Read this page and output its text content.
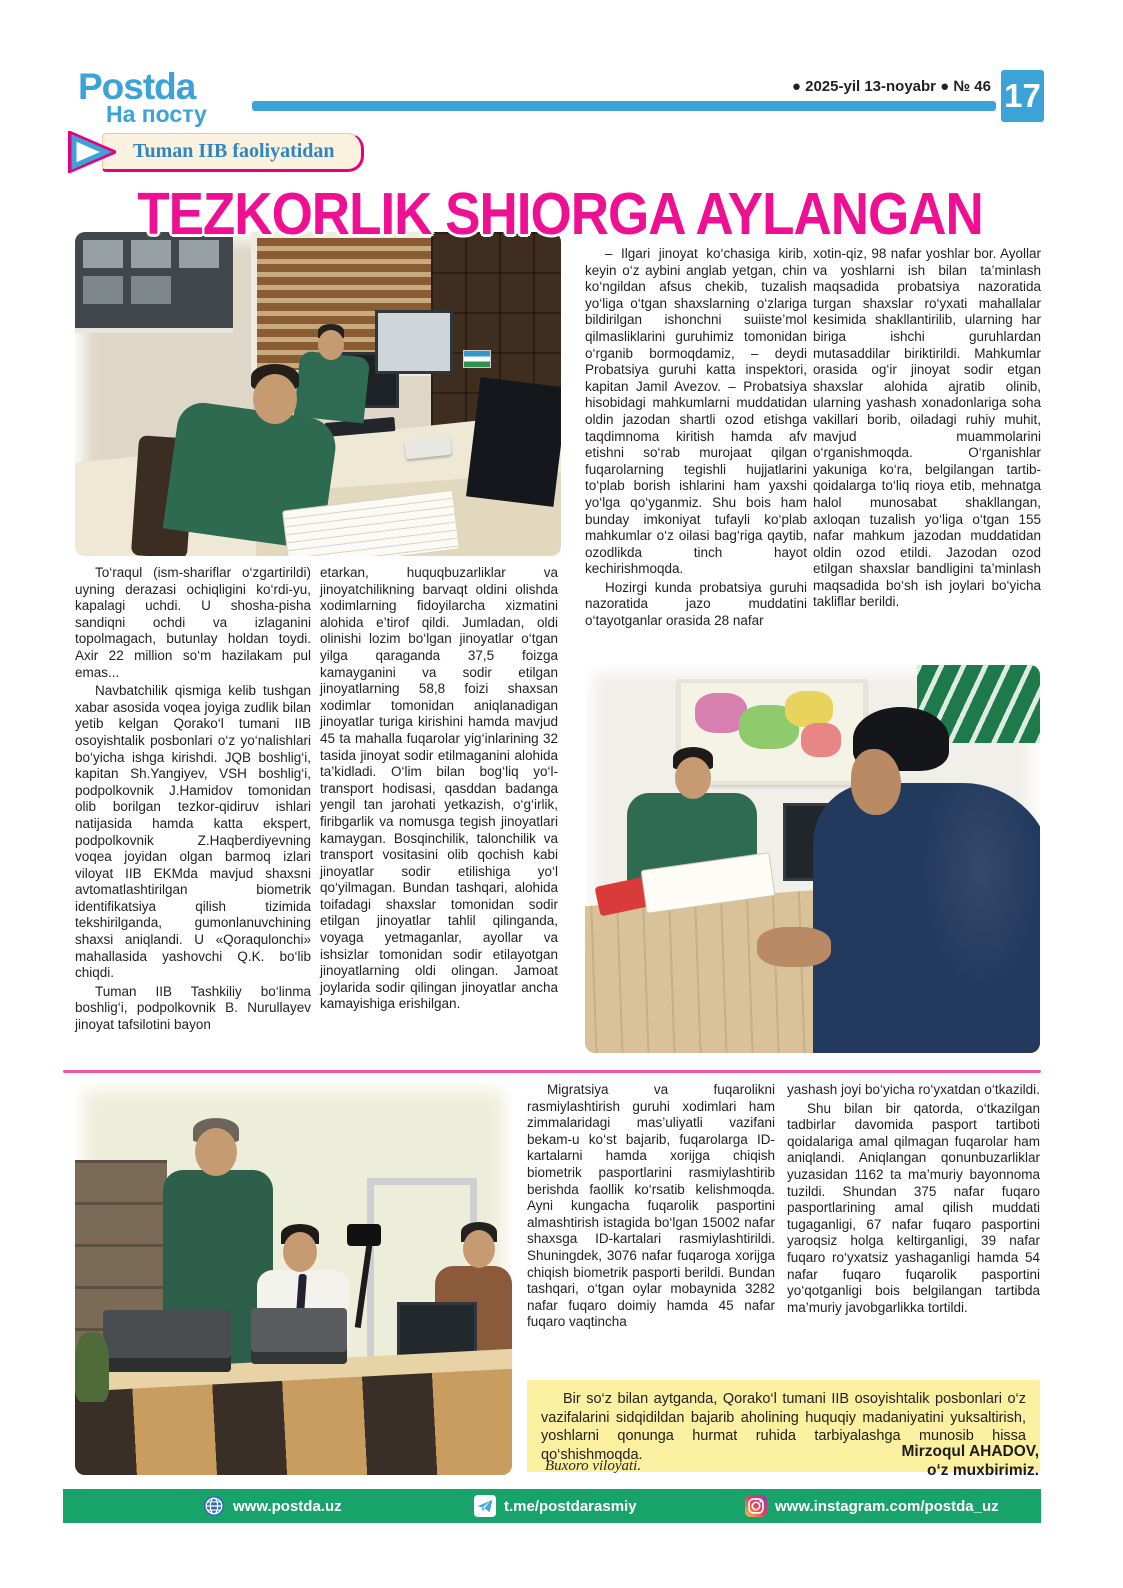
Postda
На посту
● 2025-yil 13-noyabr ● № 46 17
Tuman IIB faoliyatidan
TEZKORLIK SHIORGA AYLANGAN

– Ilgari jinoyat ko‘chasiga kirib, keyin o‘z aybini anglab yetgan, chin ko‘ngildan afsus chekib, tuzalish yo‘liga o‘tgan shaxslarning o‘zlariga bildirilgan ishonchni suiiste’mol qilmasliklarini guruhimiz tomonidan o‘rganib bormoqdamiz, – deydi Probatsiya guruhi katta inspektori, kapitan Jamil Avezov. – Probatsiya hisobidagi mahkumlarni muddatidan oldin jazodan shartli ozod etishga taqdimnoma kiritish hamda afv etishni so‘rab murojaat qilgan fuqarolarning tegishli hujjatlarini to‘plab borish ishlarini ham yaxshi yo‘lga qo‘yganmiz. Shu bois ham bunday imkoniyat tufayli ko‘plab mahkumlar o‘z oilasi bag‘riga qaytib, ozodlikda tinch hayot kechirishmoqda.

Hozirgi kunda probatsiya guruhi nazoratida jazo muddatini o‘tayotganlar orasida 28 nafar

xotin-qiz, 98 nafar yoshlar bor. Ayollar va yoshlarni ish bilan ta’minlash maqsadida probatsiya nazoratida turgan shaxslar ro‘yxati mahallalar kesimida shakllantirilib, ularning har biriga ishchi guruhlardan mutasaddilar biriktirildi. Mahkumlar orasida og‘ir jinoyat sodir etgan shaxslar alohida ajratib olinib, ularning yashash xonadonlariga soha vakillari borib, oiladagi ruhiy muhit, mavjud muammolarini o‘rganishmoqda. O‘rganishlar yakuniga ko‘ra, belgilangan tartib-qoidalarga to‘liq rioya etib, mehnatga halol munosabat shakllangan, axloqan tuzalish yo‘liga o‘tgan 155 nafar mahkum jazodan muddatidan oldin ozod etildi. Jazodan ozod etilgan shaxslar bandligini ta’minlash maqsadida bo‘sh ish joylari bo‘yicha takliflar berildi.

To‘raqul (ism-shariflar o‘zgartirildi) uyning derazasi ochiqligini ko‘rdi-yu, kapalagi uchdi. U shosha-pisha sandiqni ochdi va izlaganini topolmagach, butunlay holdan toydi. Axir 22 million so‘m hazilakam pul emas...

Navbatchilik qismiga kelib tushgan xabar asosida voqea joyiga zudlik bilan yetib kelgan Qorako‘l tumani IIB osoyishtalik posbonlari o‘z yo‘nalishlari bo‘yicha ishga kirishdi. JQB boshlig‘i, kapitan Sh.Yangiyev, VSH boshlig‘i, podpolkovnik J.Hamidov tomonidan olib borilgan tezkor-qidiruv ishlari natijasida hamda katta ekspert, podpolkovnik Z.Haqberdiyevning voqea joyidan olgan barmoq izlari viloyat IIB EKMda mavjud shaxsni avtomatlashtirilgan biometrik identifikatsiya qilish tizimida tekshirilganda, gumonlanuvchining shaxsi aniqlandi. U «Qoraqulonchi» mahallasida yashovchi Q.K. bo‘lib chiqdi.

Tuman IIB Tashkiliy bo‘linma boshlig‘i, podpolkovnik B. Nurullayev jinoyat tafsilotini bayon

etarkan, huquqbuzarliklar va jinoyatchilikning barvaqt oldini olishda xodimlarning fidoyilarcha xizmatini alohida e’tirof qildi. Jumladan, oldi olinishi lozim bo‘lgan jinoyatlar o‘tgan yilga qaraganda 37,5 foizga kamayganini va sodir etilgan jinoyatlarning 58,8 foizi shaxsan xodimlar tomonidan aniqlanadigan jinoyatlar turiga kirishini hamda mavjud 45 ta mahalla fuqarolar yig‘inlarining 32 tasida jinoyat sodir etilmaganini alohida ta’kidladi. O‘lim bilan bog‘liq yo‘l-transport hodisasi, qasddan badanga yengil tan jarohati yetkazish, o‘g‘irlik, firibgarlik va nomusga tegish jinoyatlari kamaygan. Bosqinchilik, talonchilik va transport vositasini olib qochish kabi jinoyatlar sodir etilishiga yo‘l qo‘yilmagan. Bundan tashqari, alohida toifadagi shaxslar tomonidan sodir etilgan jinoyatlar tahlil qilinganda, voyaga yetmaganlar, ayollar va ishsizlar tomonidan sodir etilayotgan jinoyatlarning oldi olingan. Jamoat joylarida sodir qilingan jinoyatlar ancha kamayishiga erishilgan.

Migratsiya va fuqarolikni rasmiylashtirish guruhi xodimlari ham zimmalaridagi mas’uliyatli vazifani bekam-u ko‘st bajarib, fuqarolarga ID-kartalarni hamda xorijga chiqish biometrik pasportlarini rasmiylashtirib berishda faollik ko‘rsatib kelishmoqda. Ayni kungacha fuqarolik pasportini almashtirish istagida bo‘lgan 15002 nafar shaxsga ID-kartalari rasmiylashtirildi. Shuningdek, 3076 nafar fuqaroga xorijga chiqish biometrik pasporti berildi. Bundan tashqari, o‘tgan oylar mobaynida 3282 nafar fuqaro doimiy hamda 45 nafar fuqaro vaqtincha

yashash joyi bo‘yicha ro‘yxatdan o‘tkazildi.

Shu bilan bir qatorda, o‘tkazilgan tadbirlar davomida pasport tartiboti qoidalariga amal qilmagan fuqarolar ham aniqlandi. Aniqlangan qonunbuzarliklar yuzasidan 1162 ta ma’muriy bayonnoma tuzildi. Shundan 375 nafar fuqaro pasportlarining amal qilish muddati tugaganligi, 67 nafar fuqaro pasportini yaroqsiz holga keltirganligi, 39 nafar fuqaro ro‘yxatsiz yashaganligi hamda 54 nafar fuqaro fuqarolik pasportini yo‘qotganligi bois belgilangan tartibda ma’muriy javobgarlikka tortildi.

Bir so‘z bilan aytganda, Qorako‘l tumani IIB osoyishtalik posbonlari o‘z vazifalarini sidqidildan bajarib aholining huquqiy madaniyatini yuksaltirish, yoshlarni qonunga hurmat ruhida tarbiyalashga munosib hissa qo‘shishmoqda.	Mirzoqul AHADOV,
o‘z muxbirimiz.
Buxoro viloyati.
www.postda.uz	t.me/postdarasmiy	www.instagram.com/postda_uz
